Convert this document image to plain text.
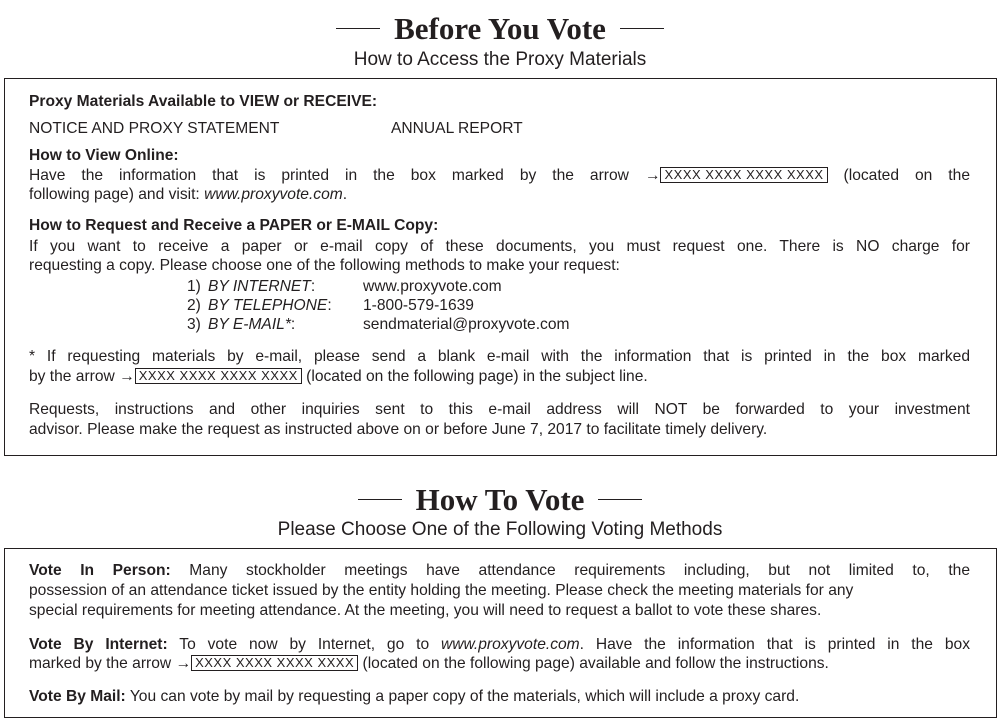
Before You Vote
How to Access the Proxy Materials
Proxy Materials Available to VIEW or RECEIVE:
NOTICE AND PROXY STATEMENT	ANNUAL REPORT
How to View Online:
Have the information that is printed in the box marked by the arrow → XXXX XXXX XXXX XXXX (located on the
following page) and visit: www.proxyvote.com.
How to Request and Receive a PAPER or E-MAIL Copy:
If you want to receive a paper or e-mail copy of these documents, you must request one. There is NO charge for
requesting a copy. Please choose one of the following methods to make your request:
1) BY INTERNET:	www.proxyvote.com
2) BY TELEPHONE: 1-800-579-1639
3) BY E-MAIL*:	sendmaterial@proxyvote.com
* If requesting materials by e-mail, please send a blank e-mail with the information that is printed in the box marked
by the arrow → XXXX XXXX XXXX XXXX (located on the following page) in the subject line.
Requests, instructions and other inquiries sent to this e-mail address will NOT be forwarded to your investment
advisor. Please make the request as instructed above on or before June 7, 2017 to facilitate timely delivery.
How To Vote
Please Choose One of the Following Voting Methods
Vote In Person: Many stockholder meetings have attendance requirements including, but not limited to, the
possession of an attendance ticket issued by the entity holding the meeting. Please check the meeting materials for any
special requirements for meeting attendance. At the meeting, you will need to request a ballot to vote these shares.
Vote By Internet: To vote now by Internet, go to www.proxyvote.com. Have the information that is printed in the box
marked by the arrow → XXXX XXXX XXXX XXXX (located on the following page) available and follow the instructions.
Vote By Mail: You can vote by mail by requesting a paper copy of the materials, which will include a proxy card.
